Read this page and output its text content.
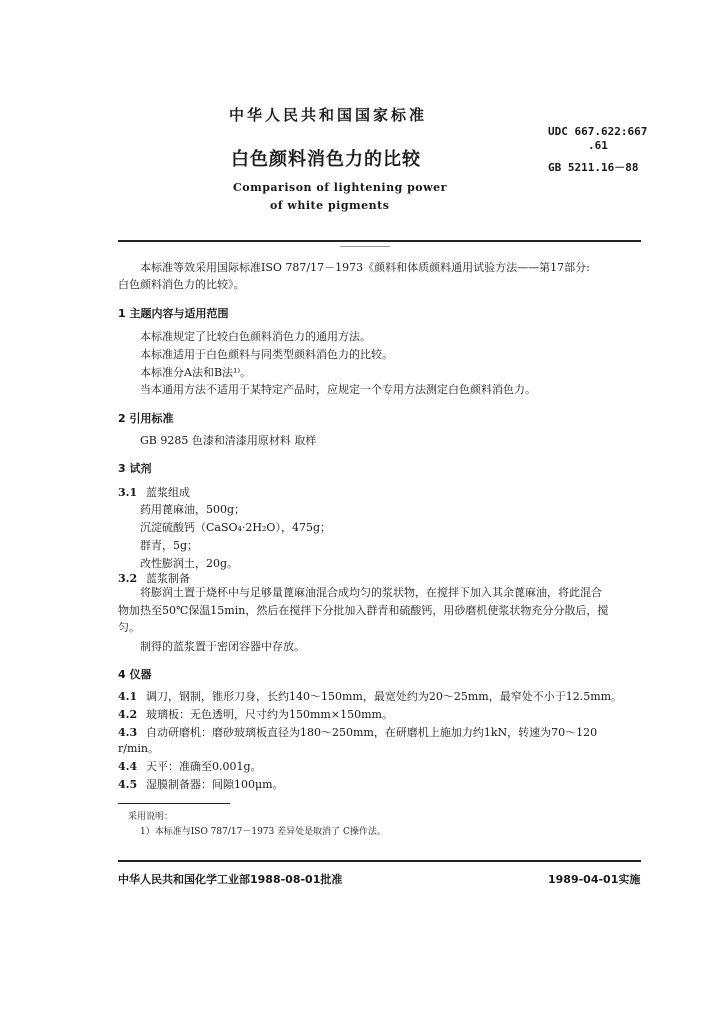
中华人民共和国国家标准
白色颜料消色力的比较
Comparison of lightening power
of white pigments
UDC 667.622:667
.61
GB 5211.16－88
本标准等效采用国际标准ISO 787/17－1973《颜料和体质颜料通用试验方法——第17部分:
白色颜料消色力的比较》。
1 主题内容与适用范围
本标准规定了比较白色颜料消色力的通用方法。
本标准适用于白色颜料与同类型颜料消色力的比较。
本标准分A法和B法¹⁾。
当本通用方法不适用于某特定产品时，应规定一个专用方法测定白色颜料消色力。
2 引用标准
GB 9285 色漆和清漆用原材料 取样
3 试剂
3.1 蓝浆组成
药用蓖麻油，500g；
沉淀硫酸钙（CaSO₄·2H₂O），475g；
群青，5g；
改性膨润土，20g。
3.2 蓝浆制备
将膨润土置于烧杯中与足够量蓖麻油混合成均匀的浆状物，在搅拌下加入其余蓖麻油，将此混合
物加热至50℃保温15min，然后在搅拌下分批加入群青和硫酸钙，用砂磨机使浆状物充分分散后，搅
匀。
制得的蓝浆置于密闭容器中存放。
4 仪器
4.1 调刀，钢制，锥形刀身，长约140～150mm，最宽处约为20～25mm，最窄处不小于12.5mm。
4.2 玻璃板：无色透明，尺寸约为150mm×150mm。
4.3 自动研磨机：磨砂玻璃板直径为180～250mm，在研磨机上施加力约1kN，转速为70～120
r/min。
4.4 天平：准确至0.001g。
4.5 湿膜制备器：间隙100μm。
采用说明：
1）本标准与ISO 787/17－1973 差异处是取消了 C操作法。
中华人民共和国化学工业部1988-08-01批准	1989-04-01实施
